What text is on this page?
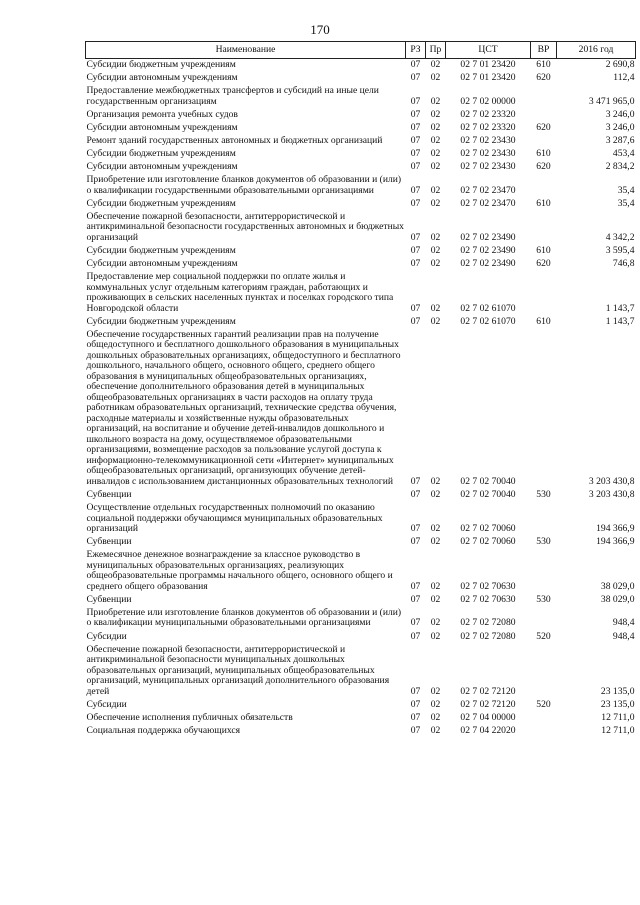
170
Наименование	РЗ	Пр	ЦСТ	ВР	2016 год
Субсидии бюджетным учреждениям	07	02	02 7 01 23420	610	2 690,8
Субсидии автономным учреждениям	07	02	02 7 01 23420	620	112,4
Предоставление межбюджетных трансфертов и субсидий на иные цели государственным организациям	07	02	02 7 02 00000		3 471 965,0
Организация ремонта учебных судов	07	02	02 7 02 23320		3 246,0
Субсидии автономным учреждениям	07	02	02 7 02 23320	620	3 246,0
Ремонт зданий государственных автономных и бюджетных организаций	07	02	02 7 02 23430		3 287,6
Субсидии бюджетным учреждениям	07	02	02 7 02 23430	610	453,4
Субсидии автономным учреждениям	07	02	02 7 02 23430	620	2 834,2
Приобретение или изготовление бланков документов об образовании и (или) о квалификации государственными образовательными организациями	07	02	02 7 02 23470		35,4
Субсидии бюджетным учреждениям	07	02	02 7 02 23470	610	35,4
Обеспечение пожарной безопасности, антитеррористической и антикриминальной безопасности государственных автономных и бюджетных организаций	07	02	02 7 02 23490		4 342,2
Субсидии бюджетным учреждениям	07	02	02 7 02 23490	610	3 595,4
Субсидии автономным учреждениям	07	02	02 7 02 23490	620	746,8
Предоставление мер социальной поддержки по оплате жилья и коммунальных услуг отдельным категориям граждан, работающих и проживающих в сельских населенных пунктах и поселках городского типа Новгородской области	07	02	02 7 02 61070		1 143,7
Субсидии бюджетным учреждениям	07	02	02 7 02 61070	610	1 143,7
Обеспечение государственных гарантий реализации прав на получение общедоступного и бесплатного дошкольного образования в муниципальных дошкольных образовательных организациях, общедоступного и бесплатного дошкольного, начального общего, основного общего, среднего общего образования в муниципальных общеобразовательных организациях, обеспечение дополнительного образования детей в муниципальных общеобразовательных организациях в части расходов на оплату труда работникам образовательных организаций, технические средства обучения, расходные материалы и хозяйственные нужды образовательных организаций, на воспитание и обучение детей-инвалидов дошкольного и школьного возраста на дому, осуществляемое образовательными организациями, возмещение расходов за пользование услугой доступа к информационно-телекоммуникационной сети «Интернет» муниципальных общеобразовательных организаций, организующих обучение детей-инвалидов с использованием дистанционных образовательных технологий	07	02	02 7 02 70040		3 203 430,8
Субвенции	07	02	02 7 02 70040	530	3 203 430,8
Осуществление отдельных государственных полномочий по оказанию социальной поддержки обучающимся муниципальных образовательных организаций	07	02	02 7 02 70060		194 366,9
Субвенции	07	02	02 7 02 70060	530	194 366,9
Ежемесячное денежное вознаграждение за классное руководство в муниципальных образовательных организациях, реализующих общеобразовательные программы начального общего, основного общего и среднего общего образования	07	02	02 7 02 70630		38 029,0
Субвенции	07	02	02 7 02 70630	530	38 029,0
Приобретение или изготовление бланков документов об образовании и (или) о квалификации муниципальными образовательными организациями	07	02	02 7 02 72080		948,4
Субсидии	07	02	02 7 02 72080	520	948,4
Обеспечение пожарной безопасности, антитеррористической и антикриминальной безопасности муниципальных дошкольных образовательных организаций, муниципальных общеобразовательных организаций, муниципальных организаций дополнительного образования детей	07	02	02 7 02 72120		23 135,0
Субсидии	07	02	02 7 02 72120	520	23 135,0
Обеспечение исполнения публичных обязательств	07	02	02 7 04 00000		12 711,0
Социальная поддержка обучающихся	07	02	02 7 04 22020		12 711,0
